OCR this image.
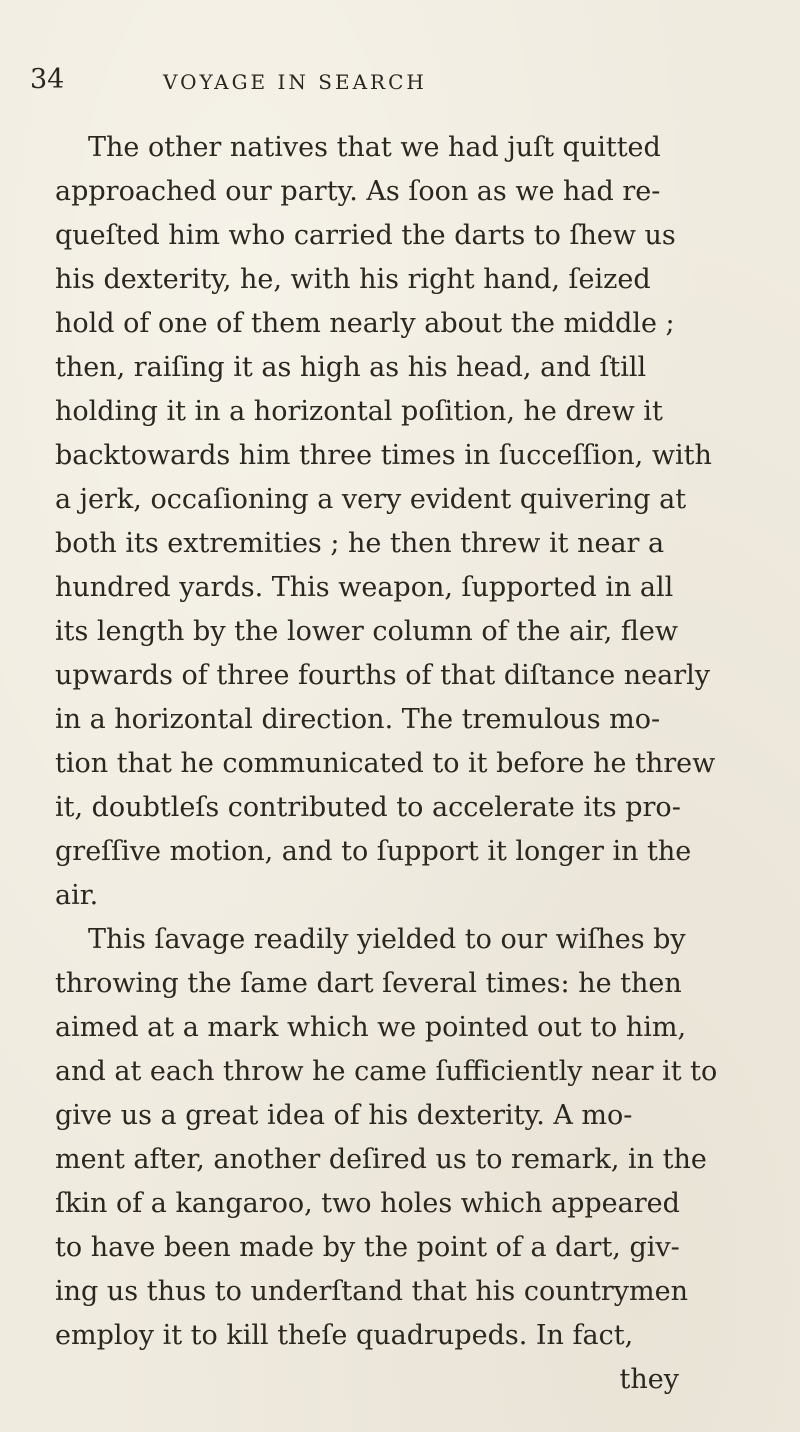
34	VOYAGE IN SEARCH
The other natives that we had juſt quitted
approached our party. As ſoon as we had re-
queſted him who carried the darts to ſhew us
his dexterity, he, with his right hand, ſeized
hold of one of them nearly about the middle ;
then, raiſing it as high as his head, and ſtill
holding it in a horizontal poſition, he drew it
backtowards him three times in ſucceſſion, with
a jerk, occaſioning a very evident quivering at
both its extremities ; he then threw it near a
hundred yards. This weapon, ſupported in all
its length by the lower column of the air, flew
upwards of three fourths of that diſtance nearly
in a horizontal direction. The tremulous mo-
tion that he communicated to it before he threw
it, doubtleſs contributed to accelerate its pro-
greſſive motion, and to ſupport it longer in the
air.
This ſavage readily yielded to our wiſhes by
throwing the ſame dart ſeveral times: he then
aimed at a mark which we pointed out to him,
and at each throw he came ſufficiently near it to
give us a great idea of his dexterity. A mo-
ment after, another deſired us to remark, in the
ſkin of a kangaroo, two holes which appeared
to have been made by the point of a dart, giv-
ing us thus to underſtand that his countrymen
employ it to kill theſe quadrupeds. In fact,
they
